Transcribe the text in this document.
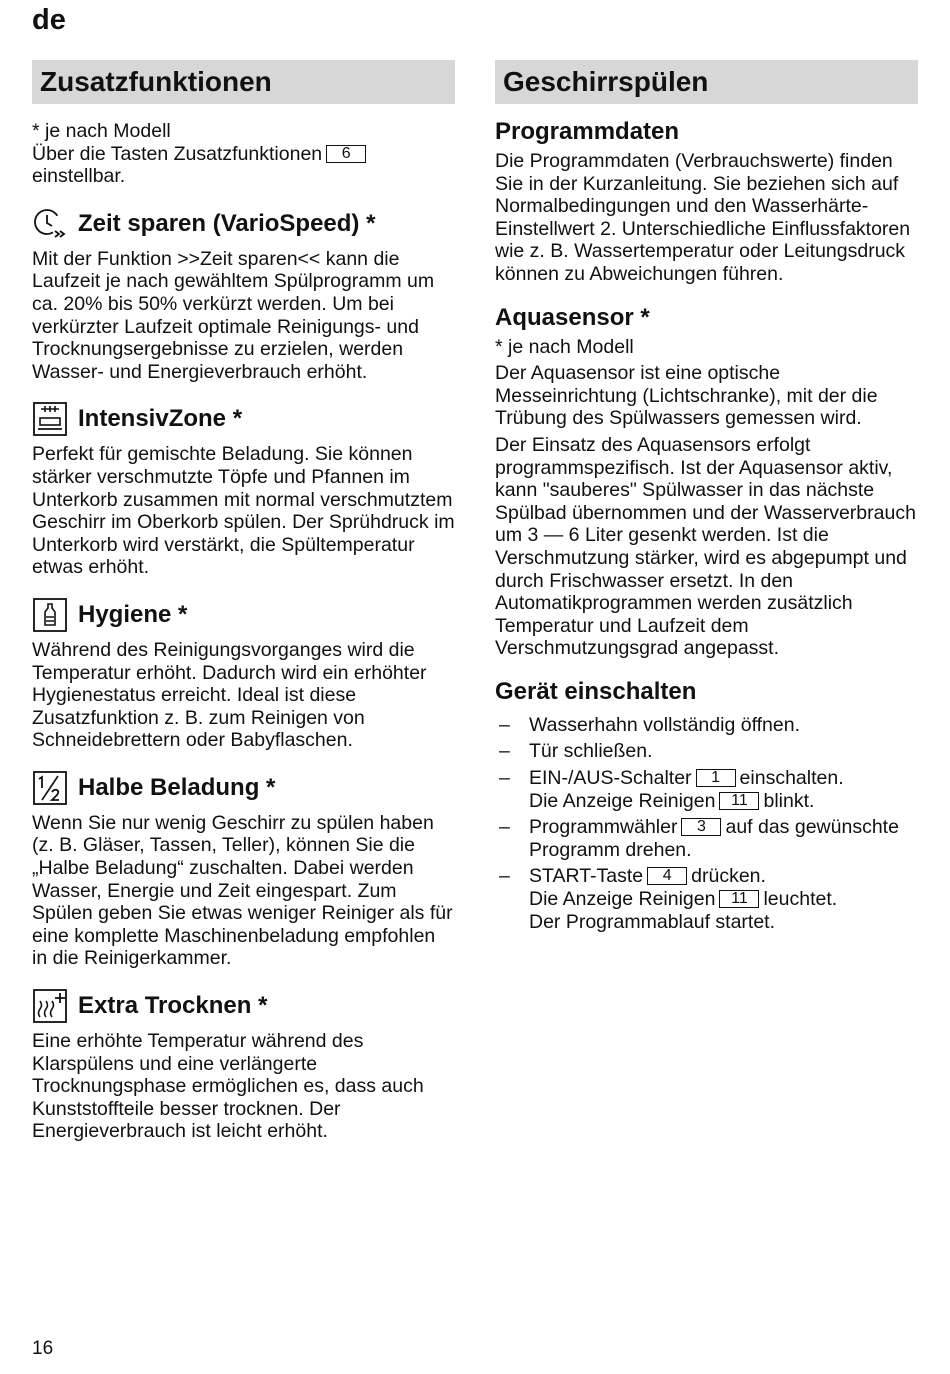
de
Zusatzfunktionen

* je nach Modell

Über die Tasten Zusatzfunktionen 6
einstellbar.

Zeit sparen (VarioSpeed) *

Mit der Funktion >>Zeit sparen<< kann die Laufzeit je nach gewähltem Spülprogramm um ca. 20% bis 50% verkürzt werden. Um bei verkürzter Laufzeit optimale Reinigungs- und Trocknungsergebnisse zu erzielen, werden Wasser- und Energieverbrauch erhöht.

IntensivZone *

Perfekt für gemischte Beladung. Sie können stärker verschmutzte Töpfe und Pfannen im Unterkorb zusammen mit normal verschmutztem Geschirr im Oberkorb spülen. Der Sprühdruck im Unterkorb wird verstärkt, die Spültemperatur etwas erhöht.

Hygiene *

Während des Reinigungsvorganges wird die Temperatur erhöht. Dadurch wird ein erhöhter Hygienestatus erreicht. Ideal ist diese Zusatzfunktion z. B. zum Reinigen von Schneidebrettern oder Babyflaschen.

Halbe Beladung *

Wenn Sie nur wenig Geschirr zu spülen haben (z. B. Gläser, Tassen, Teller), können Sie die „Halbe Beladung“ zuschalten. Dabei werden Wasser, Energie und Zeit eingespart. Zum Spülen geben Sie etwas weniger Reiniger als für eine komplette Maschinenbeladung empfohlen in die Reinigerkammer.

Extra Trocknen *

Eine erhöhte Temperatur während des Klarspülens und eine verlängerte Trocknungsphase ermöglichen es, dass auch Kunststoffteile besser trocknen. Der Energieverbrauch ist leicht erhöht.

Geschirrspülen
Programmdaten

Die Programmdaten (Verbrauchswerte) finden Sie in der Kurzanleitung. Sie beziehen sich auf Normalbedingungen und den Wasserhärte-Einstellwert 2. Unterschiedliche Einflussfaktoren wie z. B. Wassertemperatur oder Leitungsdruck können zu Abweichungen führen.

Aquasensor *

* je nach Modell

Der Aquasensor ist eine optische Messeinrichtung (Lichtschranke), mit der die Trübung des Spülwassers gemessen wird.

Der Einsatz des Aquasensors erfolgt programmspezifisch. Ist der Aquasensor aktiv, kann "sauberes" Spülwasser in das nächste Spülbad übernommen und der Wasserverbrauch um 3 — 6 Liter gesenkt werden. Ist die Verschmutzung stärker, wird es abgepumpt und durch Frischwasser ersetzt. In den Automatikprogrammen werden zusätzlich Temperatur und Laufzeit dem Verschmutzungsgrad angepasst.

Gerät einschalten
– Wasserhahn vollständig öffnen.
– Tür schließen.
– EIN-/AUS-Schalter 1 einschalten.
Die Anzeige Reinigen 11 blinkt.
– Programmwähler 3 auf das gewünschte Programm drehen.
– START-Taste 4 drücken.
Die Anzeige Reinigen 11 leuchtet.
Der Programmablauf startet.
16
